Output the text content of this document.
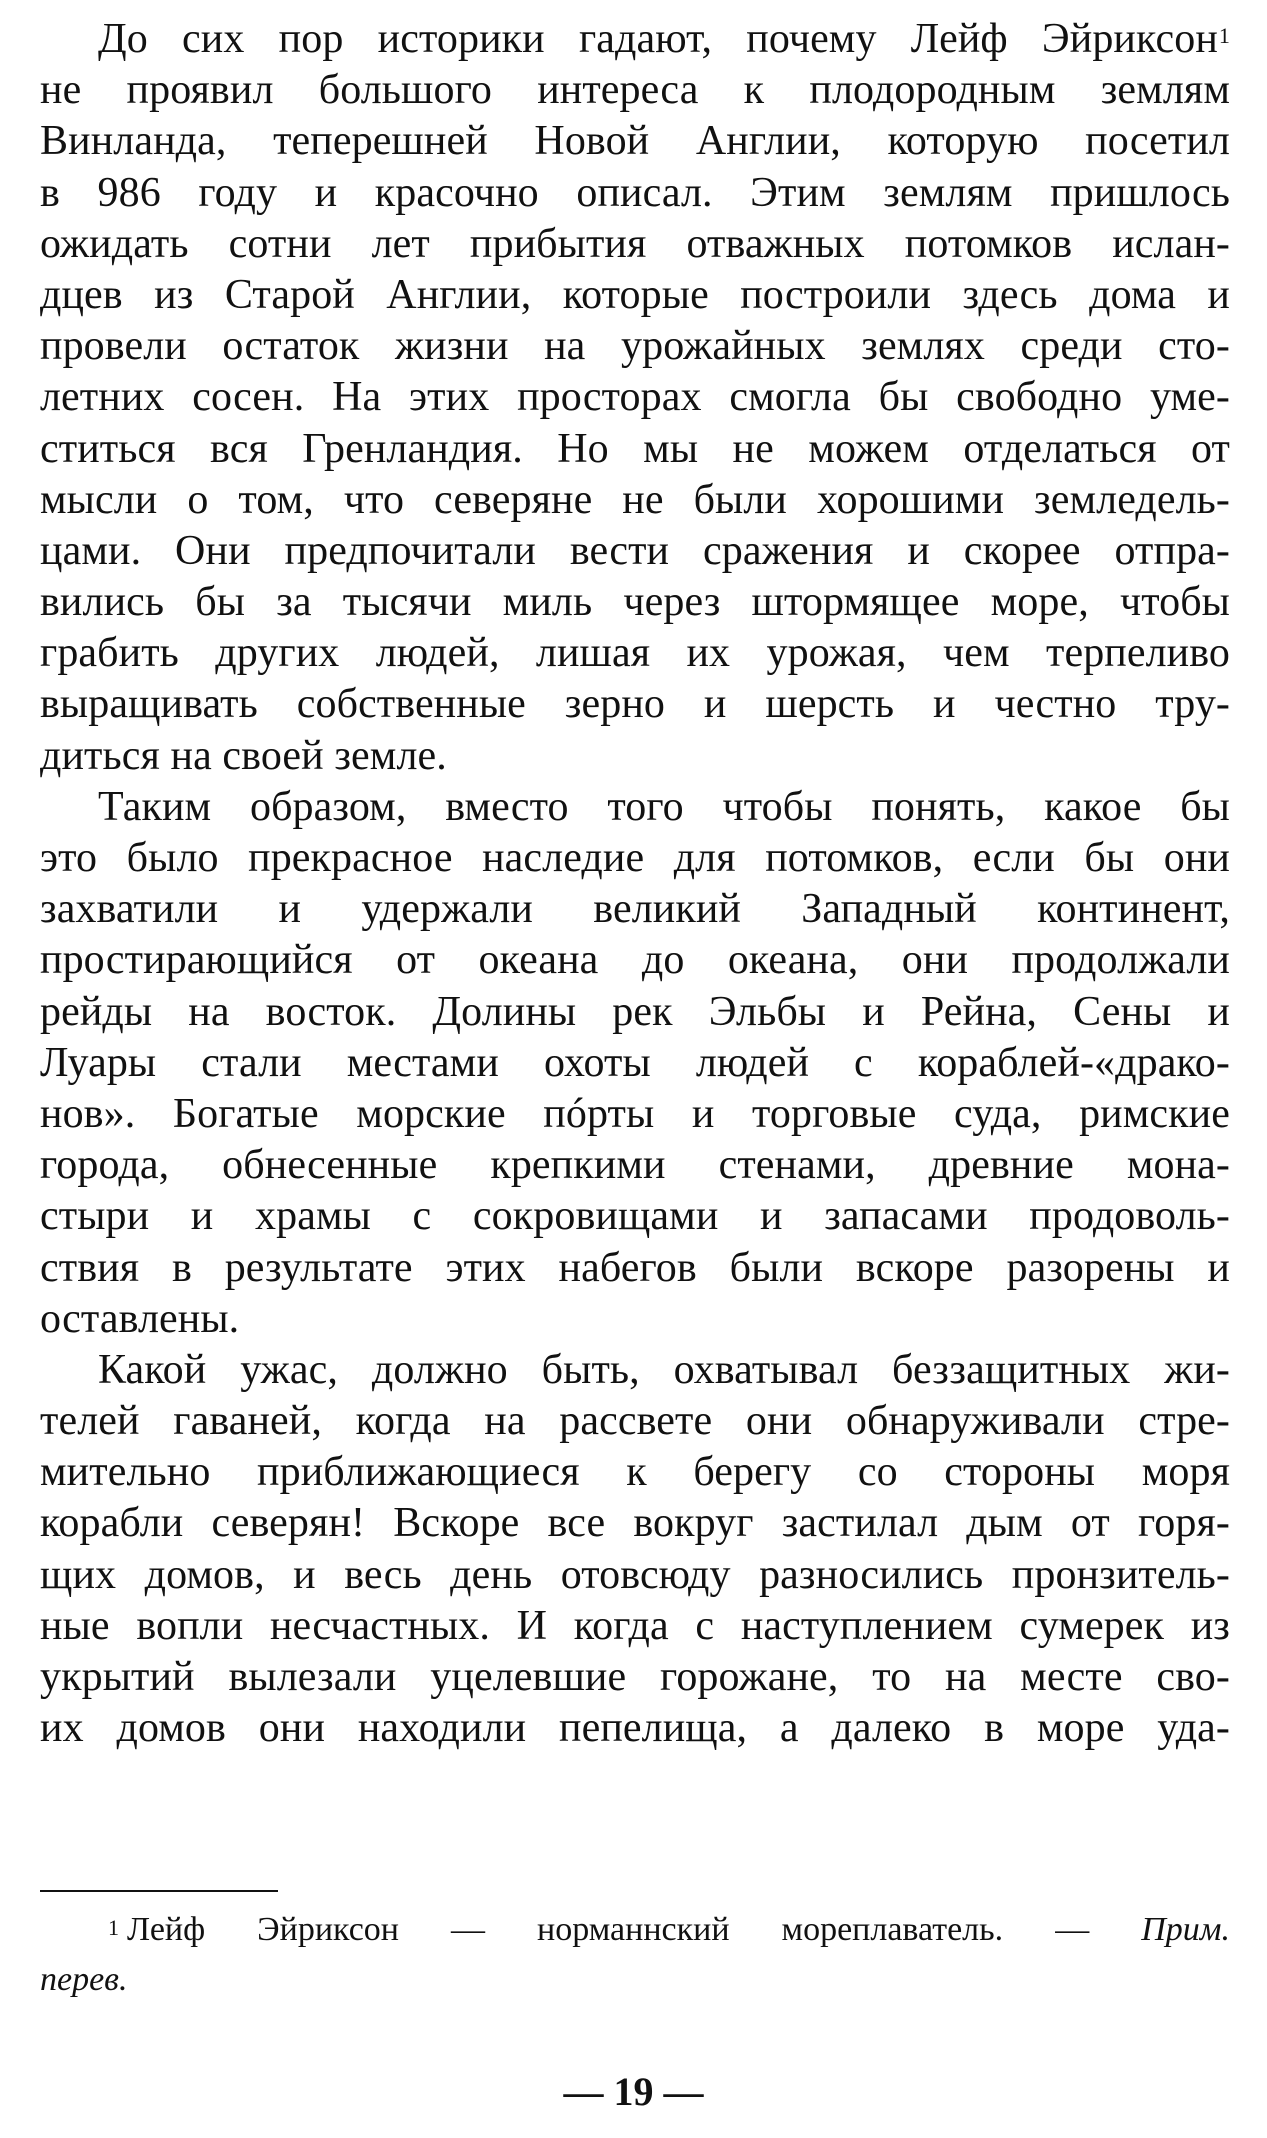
До сих пор историки гадают, почему Лейф Эйриксон$^1$
не проявил большого интереса к плодородным землям
Винланда, теперешней Новой Англии, которую посетил
в 986 году и красочно описал. Этим землям пришлось
ожидать сотни лет прибытия отважных потомков ислан-
дцев из Старой Англии, которые построили здесь дома и
провели остаток жизни на урожайных землях среди сто-
летних сосен. На этих просторах смогла бы свободно уме-
ститься вся Гренландия. Но мы не можем отделаться от
мысли о том, что северяне не были хорошими земледель-
цами. Они предпочитали вести сражения и скорее отпра-
вились бы за тысячи миль через штормящее море, чтобы
грабить других людей, лишая их урожая, чем терпеливо
выращивать собственные зерно и шерсть и честно тру-
диться на своей земле.
Таким образом, вместо того чтобы понять, какое бы
это было прекрасное наследие для потомков, если бы они
захватили и удержали великий Западный континент,
простирающийся от океана до океана, они продолжали
рейды на восток. Долины рек Эльбы и Рейна, Сены и
Луары стали местами охоты людей с кораблей-«драко-
нов». Богатые морские пóрты и торговые суда, римские
города, обнесенные крепкими стенами, древние мона-
стыри и храмы с сокровищами и запасами продоволь-
ствия в результате этих набегов были вскоре разорены и
оставлены.
Какой ужас, должно быть, охватывал беззащитных жи-
телей гаваней, когда на рассвете они обнаруживали стре-
мительно приближающиеся к берегу со стороны моря
корабли северян! Вскоре все вокруг застилал дым от горя-
щих домов, и весь день отовсюду разносились пронзитель-
ные вопли несчастных. И когда с наступлением сумерек из
укрытий вылезали уцелевшие горожане, то на месте сво-
их домов они находили пепелища, а далеко в море уда-
$^1$ Лейф Эйриксон — норманнский мореплаватель. — Прим.
перев.
— 19 —
